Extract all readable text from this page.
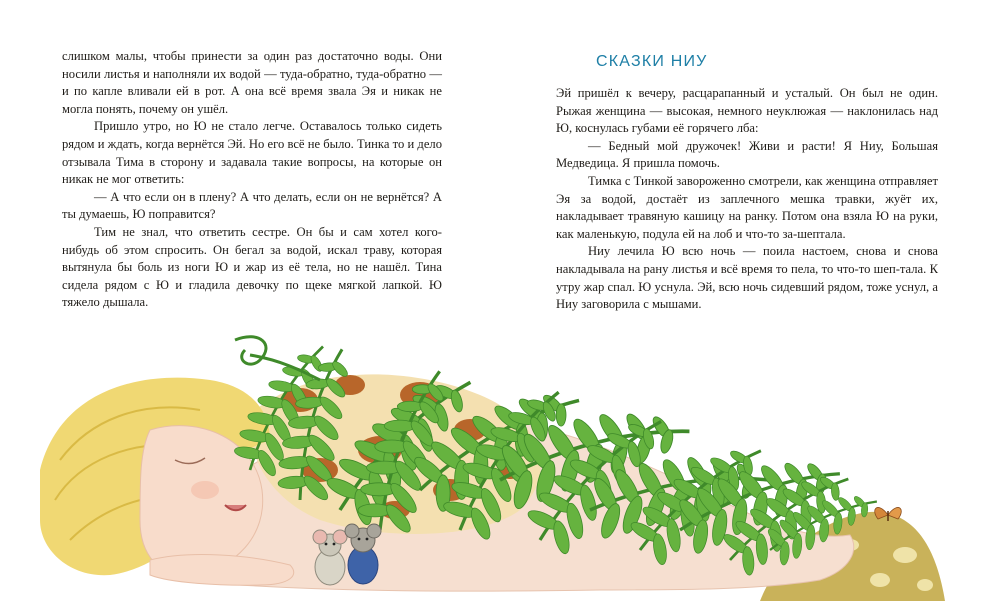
слишком малы, чтобы принести за один раз достаточно воды. Они носили листья и наполняли их водой — туда-обратно, туда-обратно — и по капле вливали ей в рот. А она всё время звала Эя и никак не могла понять, почему он ушёл.

Пришло утро, но Ю не стало легче. Оставалось только сидеть рядом и ждать, когда вернётся Эй. Но его всё не было. Тинка то и дело отзывала Тима в сторону и задавала такие вопросы, на которые он никак не мог ответить:

— А что если он в плену? А что делать, если он не вернётся? А ты думаешь, Ю поправится?

Тим не знал, что ответить сестре. Он бы и сам хотел кого-нибудь об этом спросить. Он бегал за водой, искал траву, которая вытянула бы боль из ноги Ю и жар из её тела, но не нашёл. Тина сидела рядом с Ю и гладила девочку по щеке мягкой лапкой. Ю тяжело дышала.

СКАЗКИ НИУ

Эй пришёл к вечеру, расцарапанный и усталый. Он был не один. Рыжая женщина — высокая, немного неуклюжая — наклонилась над Ю, коснулась губами её горячего лба:

— Бедный мой дружочек! Живи и расти! Я Ниу, Большая Медведица. Я пришла помочь.

Тимка с Тинкой завороженно смотрели, как женщина отправляет Эя за водой, достаёт из заплечного мешка травки, жуёт их, накладывает травяную кашицу на ранку. Потом она взяла Ю на руки, как маленькую, подула ей на лоб и что-то за-шептала.

Ниу лечила Ю всю ночь — поила настоем, снова и снова накладывала на рану листья и всё время то пела, то что-то шеп-тала. К утру жар спал. Ю уснула. Эй, всю ночь сидевший рядом, тоже уснул, а Ниу заговорила с мышами.
